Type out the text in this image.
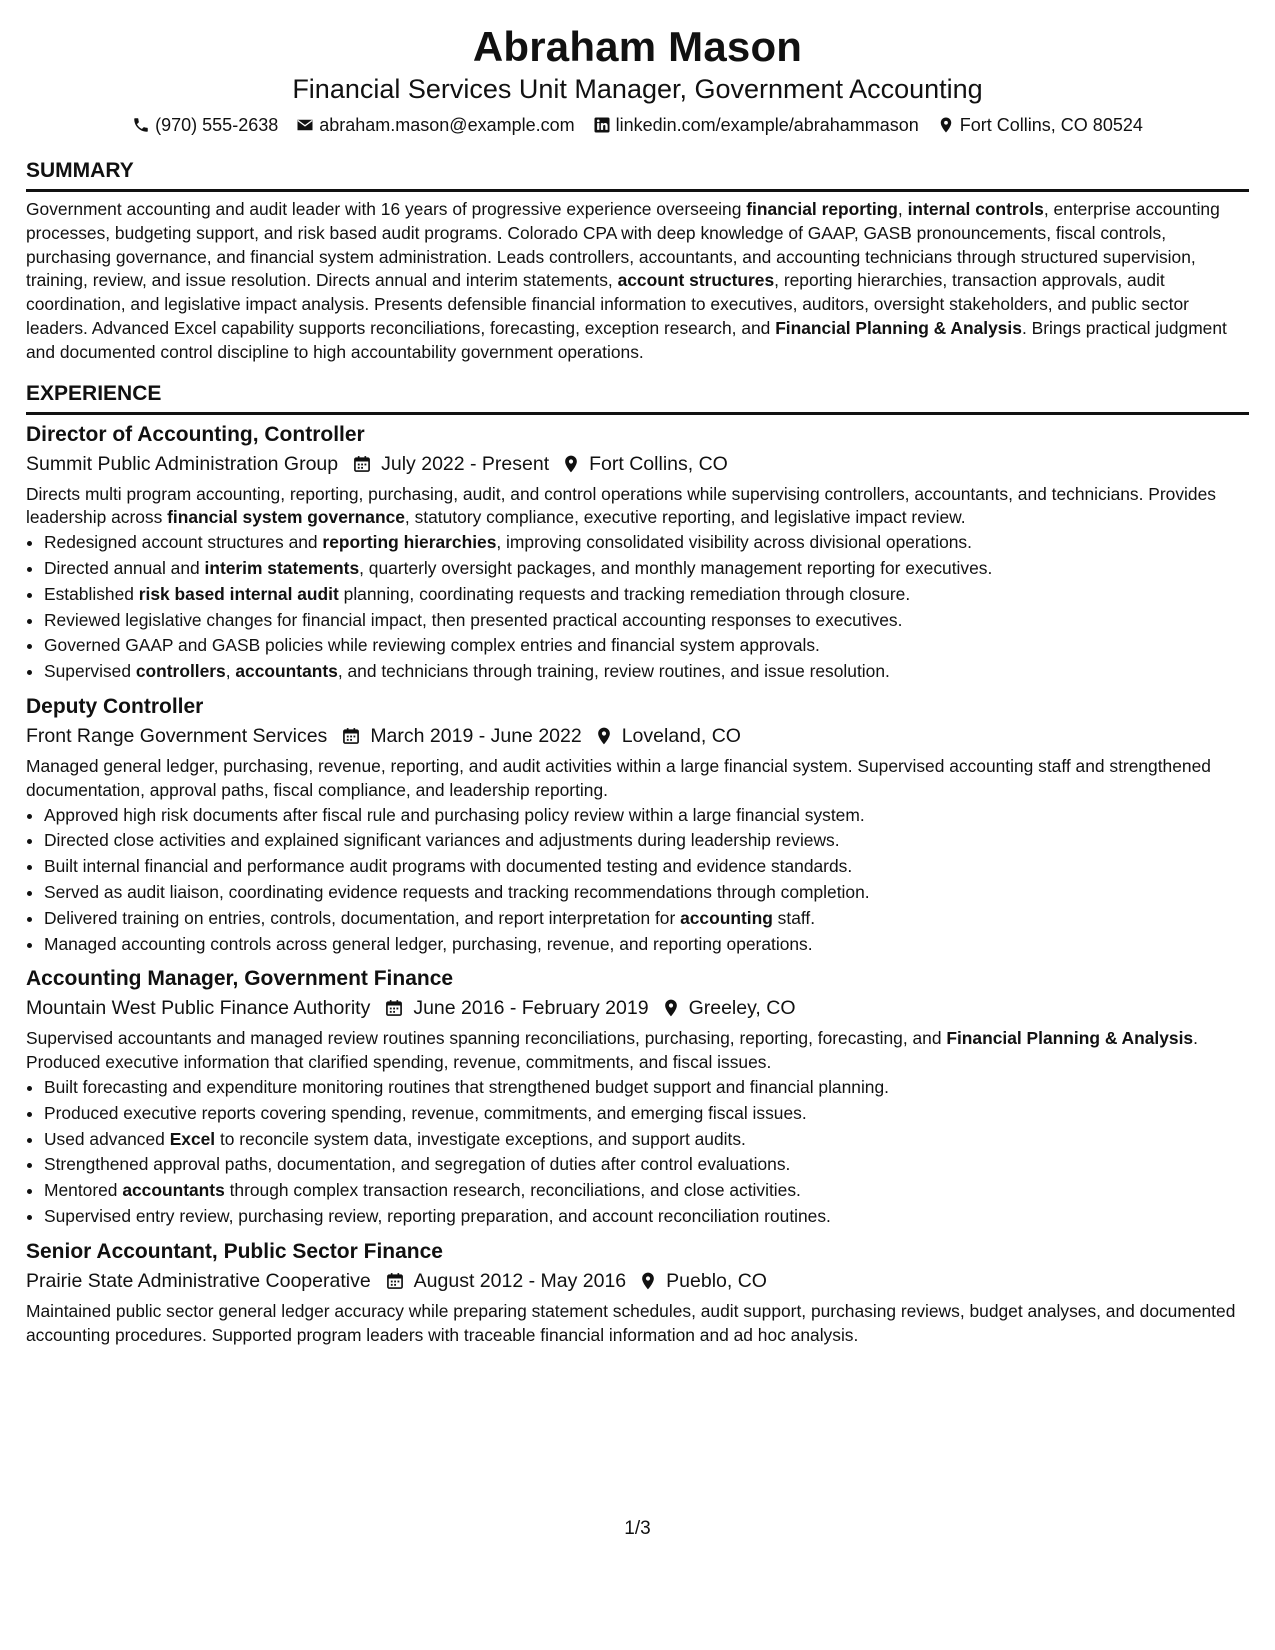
Abraham Mason
Financial Services Unit Manager, Government Accounting
(970) 555-2638 abraham.mason@example.com linkedin.com/example/abrahammason Fort Collins, CO 80524
SUMMARY

Government accounting and audit leader with 16 years of progressive experience overseeing financial reporting, internal controls, enterprise accounting processes, budgeting support, and risk based audit programs. Colorado CPA with deep knowledge of GAAP, GASB pronouncements, fiscal controls, purchasing governance, and financial system administration. Leads controllers, accountants, and accounting technicians through structured supervision, training, review, and issue resolution. Directs annual and interim statements, account structures, reporting hierarchies, transaction approvals, audit coordination, and legislative impact analysis. Presents defensible financial information to executives, auditors, oversight stakeholders, and public sector leaders. Advanced Excel capability supports reconciliations, forecasting, exception research, and Financial Planning & Analysis. Brings practical judgment and documented control discipline to high accountability government operations.

EXPERIENCE
Director of Accounting, Controller
Summit Public Administration Group July 2022 - Present Fort Collins, CO

Directs multi program accounting, reporting, purchasing, audit, and control operations while supervising controllers, accountants, and technicians. Provides leadership across financial system governance, statutory compliance, executive reporting, and legislative impact review.

• Redesigned account structures and reporting hierarchies, improving consolidated visibility across divisional operations.
• Directed annual and interim statements, quarterly oversight packages, and monthly management reporting for executives.
• Established risk based internal audit planning, coordinating requests and tracking remediation through closure.
• Reviewed legislative changes for financial impact, then presented practical accounting responses to executives.
• Governed GAAP and GASB policies while reviewing complex entries and financial system approvals.
• Supervised controllers, accountants, and technicians through training, review routines, and issue resolution.
Deputy Controller
Front Range Government Services March 2019 - June 2022 Loveland, CO

Managed general ledger, purchasing, revenue, reporting, and audit activities within a large financial system. Supervised accounting staff and strengthened documentation, approval paths, fiscal compliance, and leadership reporting.

• Approved high risk documents after fiscal rule and purchasing policy review within a large financial system.
• Directed close activities and explained significant variances and adjustments during leadership reviews.
• Built internal financial and performance audit programs with documented testing and evidence standards.
• Served as audit liaison, coordinating evidence requests and tracking recommendations through completion.
• Delivered training on entries, controls, documentation, and report interpretation for accounting staff.
• Managed accounting controls across general ledger, purchasing, revenue, and reporting operations.
Accounting Manager, Government Finance
Mountain West Public Finance Authority June 2016 - February 2019 Greeley, CO

Supervised accountants and managed review routines spanning reconciliations, purchasing, reporting, forecasting, and Financial Planning & Analysis. Produced executive information that clarified spending, revenue, commitments, and fiscal issues.

• Built forecasting and expenditure monitoring routines that strengthened budget support and financial planning.
• Produced executive reports covering spending, revenue, commitments, and emerging fiscal issues.
• Used advanced Excel to reconcile system data, investigate exceptions, and support audits.
• Strengthened approval paths, documentation, and segregation of duties after control evaluations.
• Mentored accountants through complex transaction research, reconciliations, and close activities.
• Supervised entry review, purchasing review, reporting preparation, and account reconciliation routines.
Senior Accountant, Public Sector Finance
Prairie State Administrative Cooperative August 2012 - May 2016 Pueblo, CO

Maintained public sector general ledger accuracy while preparing statement schedules, audit support, purchasing reviews, budget analyses, and documented accounting procedures. Supported program leaders with traceable financial information and ad hoc analysis.

1/3
